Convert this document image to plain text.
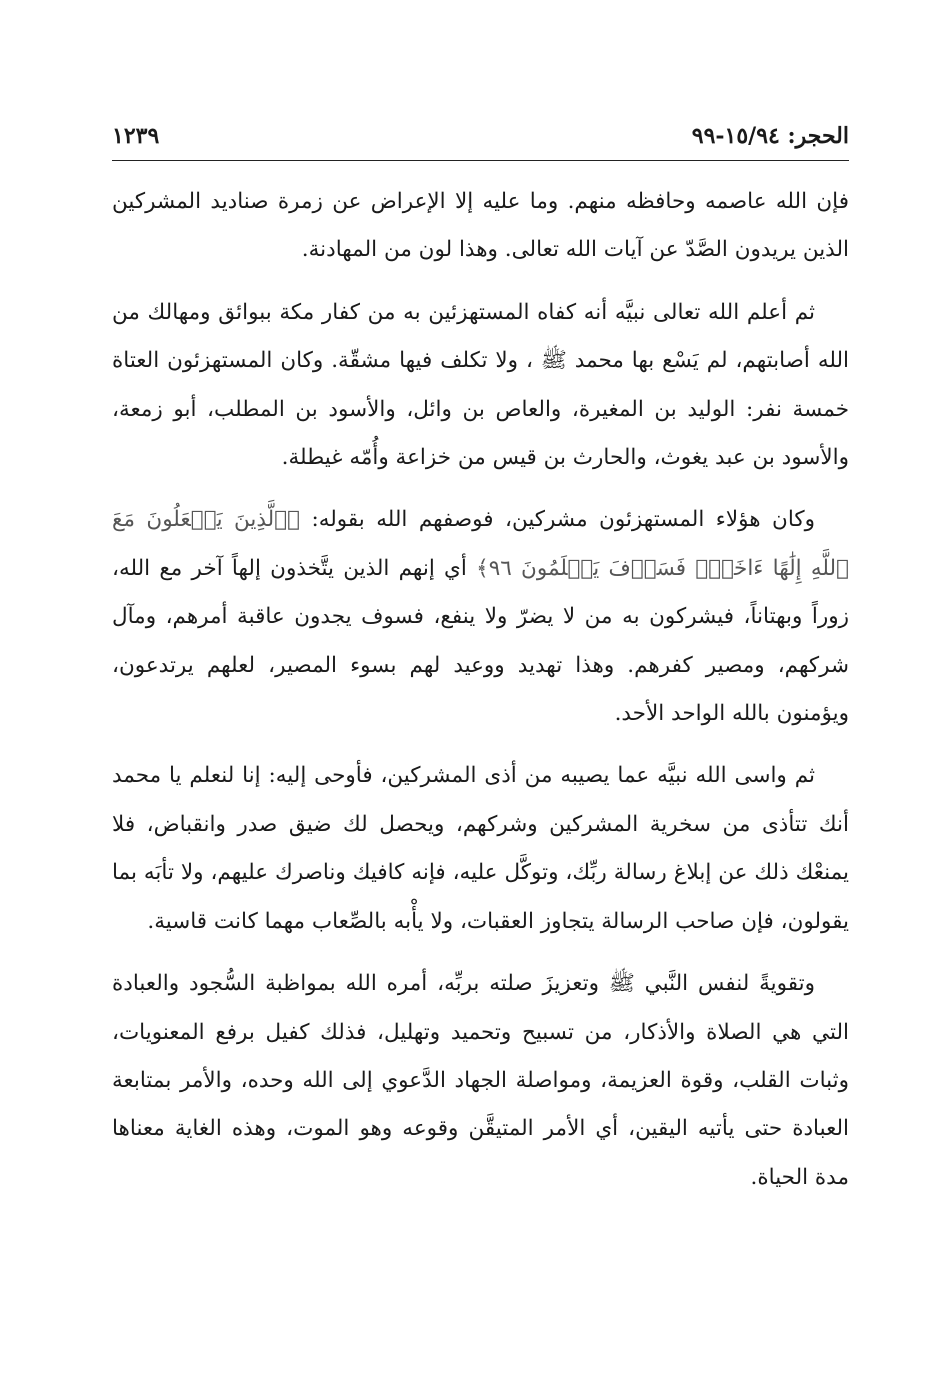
الحجر: ١٥/٩٤-٩٩
١٢٣٩

فإن الله عاصمه وحافظه منهم. وما عليه إلا الإعراض عن زمرة صناديد المشركين الذين يريدون الصَّدّ عن آيات الله تعالى. وهذا لون من المهادنة.

ثم أعلم الله تعالى نبيَّه أنه كفاه المستهزئين به من كفار مكة ببوائق ومهالك من الله أصابتهم، لم يَسْع بها محمد ﷺ ، ولا تكلف فيها مشقّة. وكان المستهزئون العتاة خمسة نفر: الوليد بن المغيرة، والعاص بن وائل، والأسود بن المطلب، أبو زمعة، والأسود بن عبد يغوث، والحارث بن قيس من خزاعة وأُمّه غيطلة.

وكان هؤلاء المستهزئون مشركين، فوصفهم الله بقوله: ﴿ٱلَّذِينَ يَجۡعَلُونَ مَعَ ٱللَّهِ إِلَٰهًا ءَاخَرَۚ فَسَوۡفَ يَعۡلَمُونَ ٩٦﴾ أي إنهم الذين يتَّخذون إلهاً آخر مع الله، زوراً وبهتاناً، فيشركون به من لا يضرّ ولا ينفع، فسوف يجدون عاقبة أمرهم، ومآل شركهم، ومصير كفرهم. وهذا تهديد ووعيد لهم بسوء المصير، لعلهم يرتدعون، ويؤمنون بالله الواحد الأحد.

ثم واسى الله نبيَّه عما يصيبه من أذى المشركين، فأوحى إليه: إنا لنعلم يا محمد أنك تتأذى من سخرية المشركين وشركهم، ويحصل لك ضيق صدر وانقباض، فلا يمنعْك ذلك عن إبلاغ رسالة ربِّك، وتوكَّل عليه، فإنه كافيك وناصرك عليهم، ولا تأبَه بما يقولون، فإن صاحب الرسالة يتجاوز العقبات، ولا يأْبه بالصِّعاب مهما كانت قاسية.

وتقويةً لنفس النَّبي ﷺ وتعزيزَ صلته بربِّه، أمره الله بمواظبة السُّجود والعبادة التي هي الصلاة والأذكار، من تسبيح وتحميد وتهليل، فذلك كفيل برفع المعنويات، وثبات القلب، وقوة العزيمة، ومواصلة الجهاد الدَّعوي إلى الله وحده، والأمر بمتابعة العبادة حتى يأتيه اليقين، أي الأمر المتيقَّن وقوعه وهو الموت، وهذه الغاية معناها مدة الحياة.
